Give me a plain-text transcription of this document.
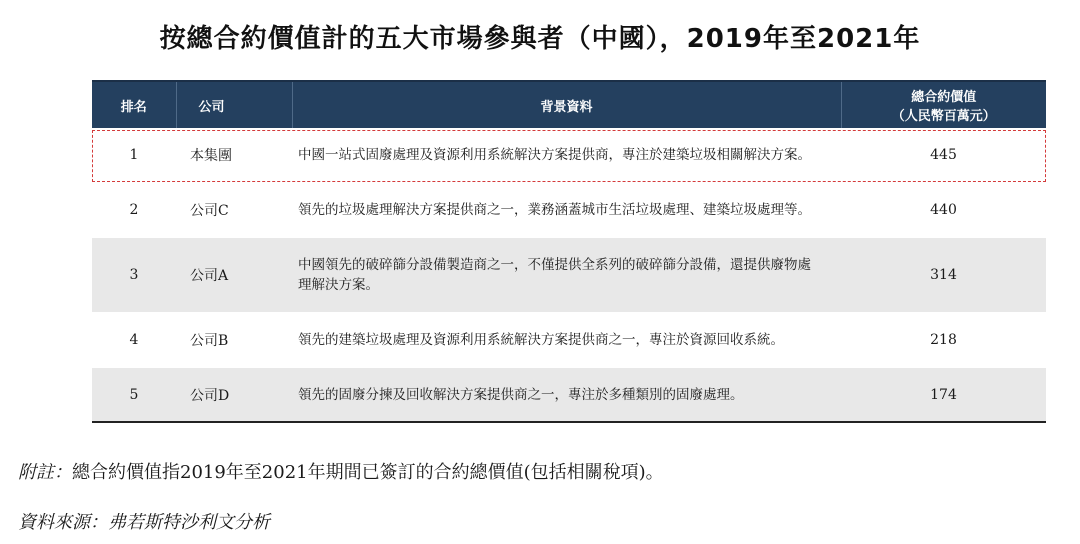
按總合約價值計的五大市場參與者（中國），2019年至2021年
排名	公司	背景資料	總合約價值
（人民幣百萬元）

1	本集團	中國一站式固廢處理及資源利用系統解決方案提供商，專注於建築垃圾相關解決方案。	445
2	公司C	領先的垃圾處理解決方案提供商之一，業務涵蓋城市生活垃圾處理、建築垃圾處理等。	440
3	公司A	中國領先的破碎篩分設備製造商之一，不僅提供全系列的破碎篩分設備，還提供廢物處理解決方案。	314
4	公司B	領先的建築垃圾處理及資源利用系統解決方案提供商之一，專注於資源回收系統。	218
5	公司D	領先的固廢分揀及回收解決方案提供商之一，專注於多種類別的固廢處理。	174
附註：總合約價值指2019年至2021年期間已簽訂的合約總價值(包括相關稅項)。
資料來源：弗若斯特沙利文分析
